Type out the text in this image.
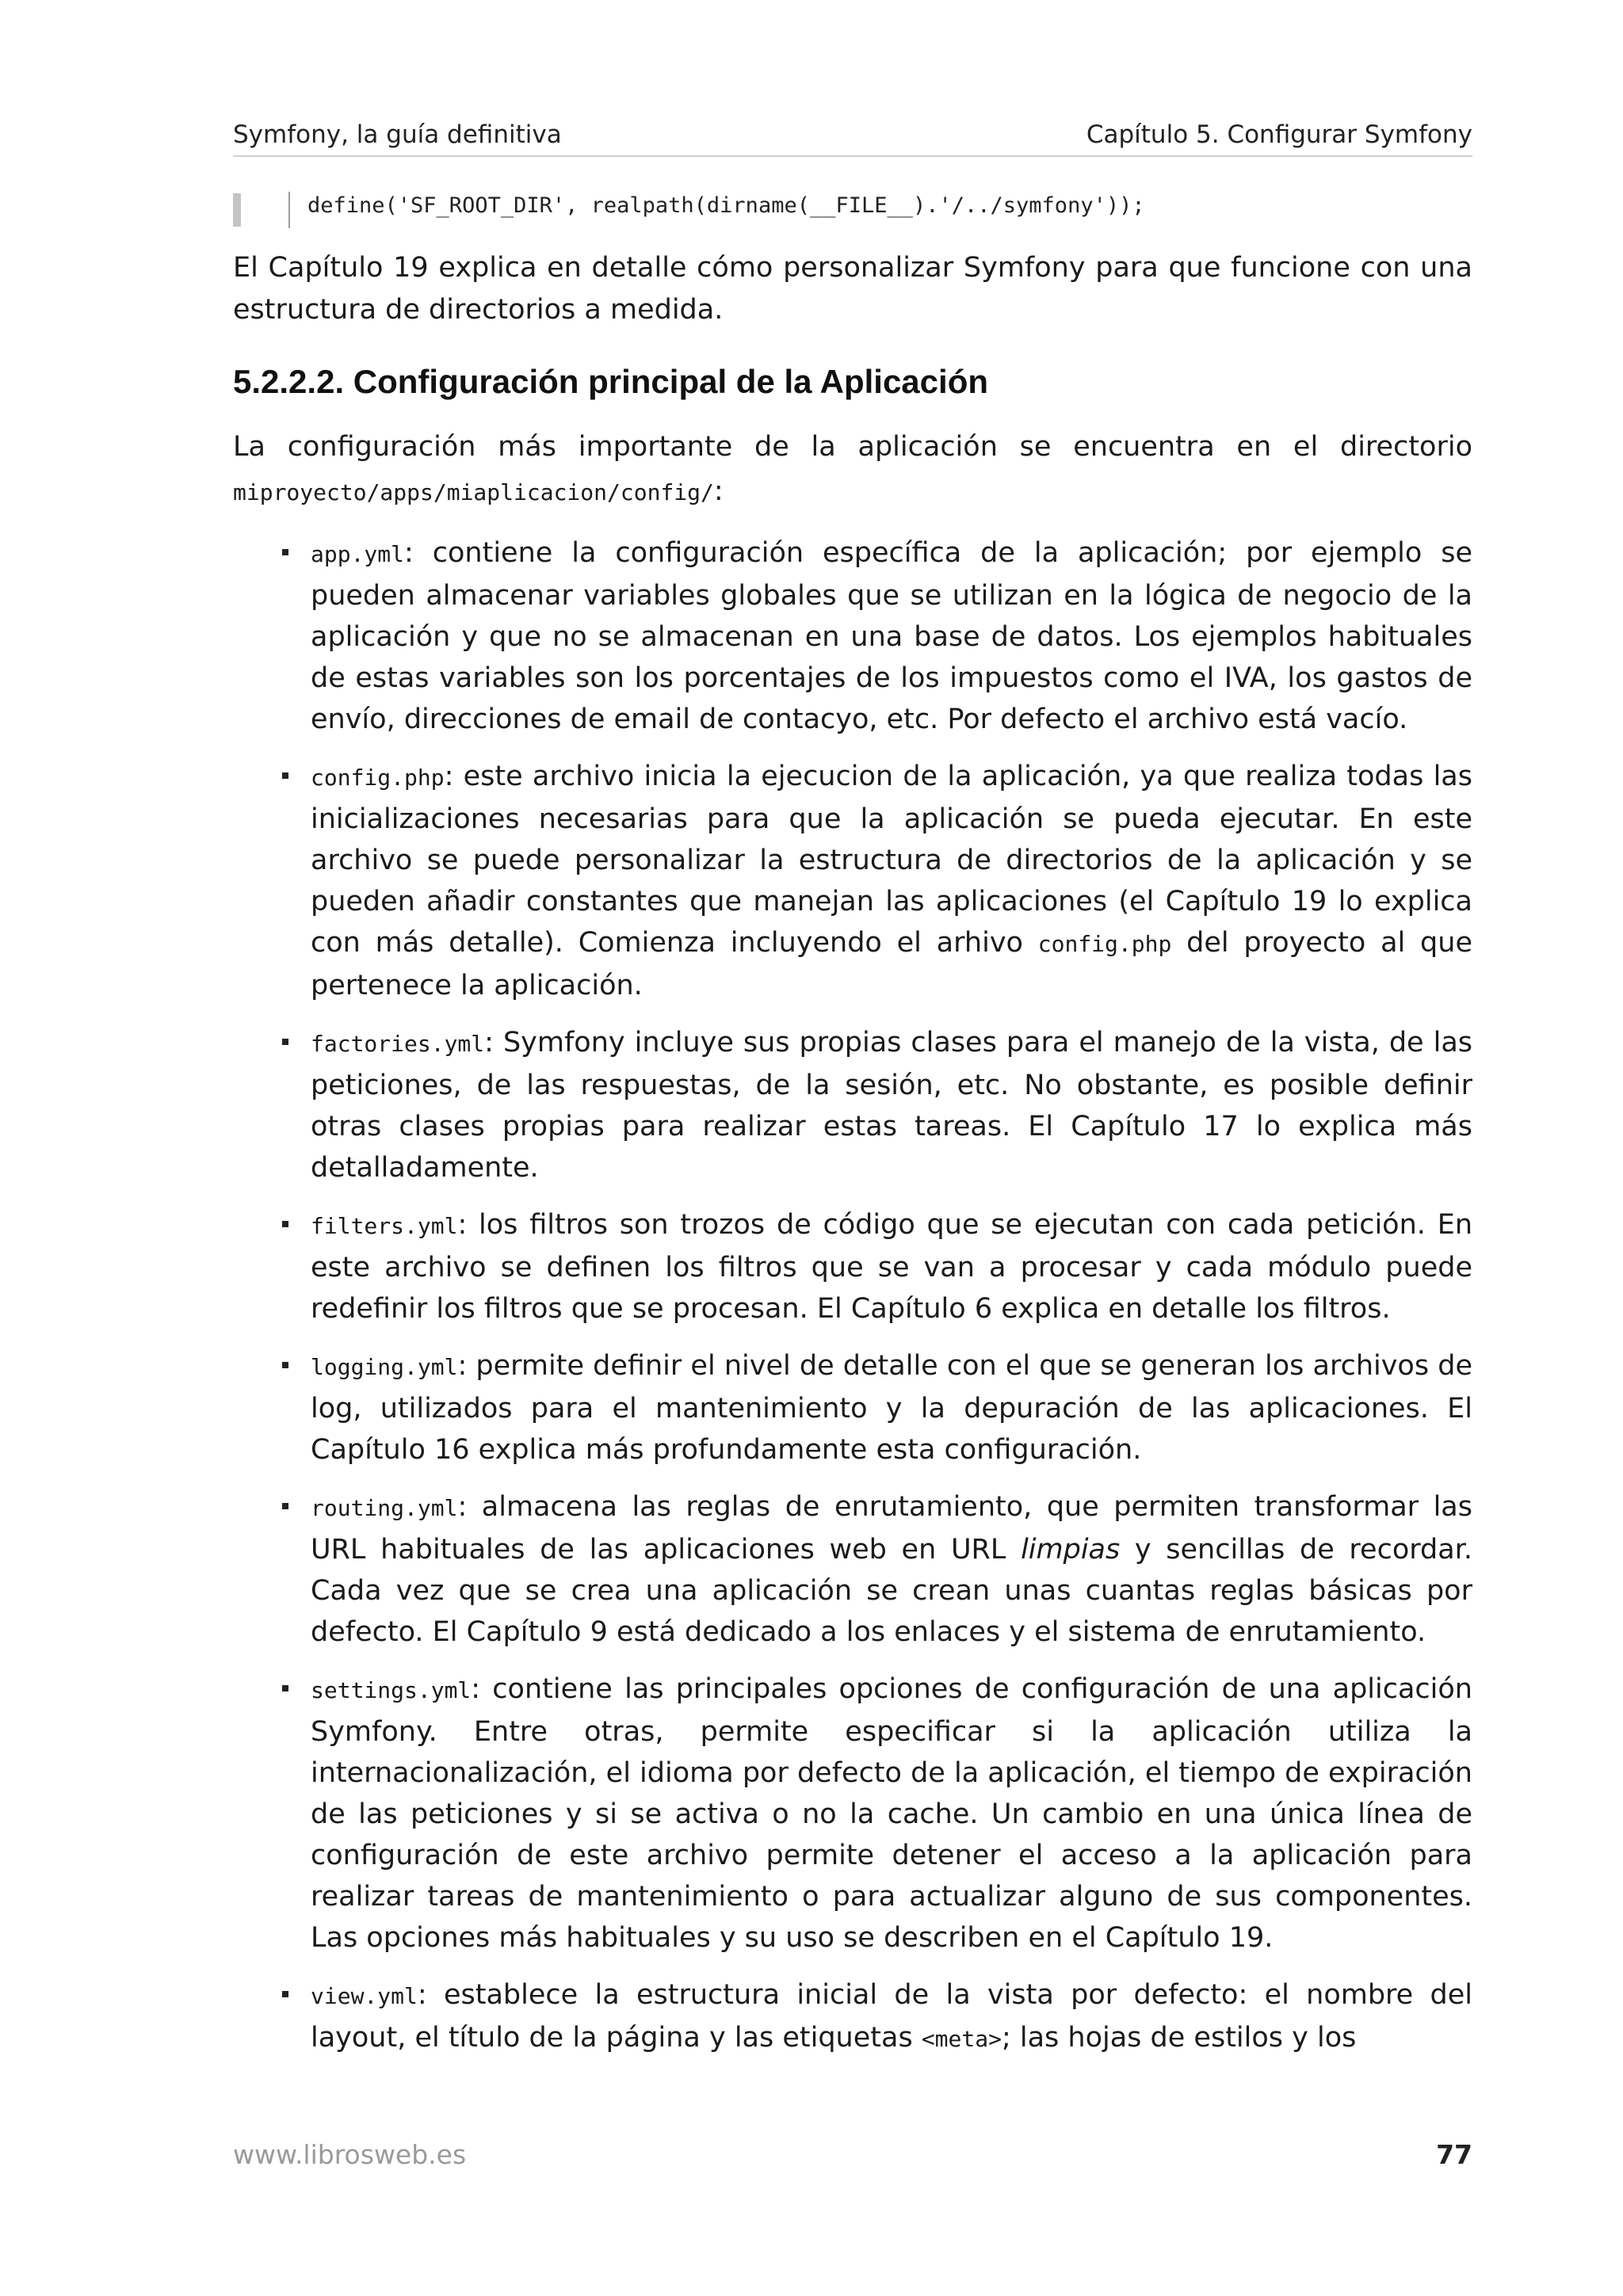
Symfony, la guía definitiva	Capítulo 5. Configurar Symfony
define('SF_ROOT_DIR', realpath(dirname(__FILE__).'/../symfony'));
El Capítulo 19 explica en detalle cómo personalizar Symfony para que funcione con una estructura de directorios a medida.
5.2.2.2. Configuración principal de la Aplicación
La configuración más importante de la aplicación se encuentra en el directorio miproyecto/apps/miaplicacion/config/:
app.yml: contiene la configuración específica de la aplicación; por ejemplo se pueden almacenar variables globales que se utilizan en la lógica de negocio de la aplicación y que no se almacenan en una base de datos. Los ejemplos habituales de estas variables son los porcentajes de los impuestos como el IVA, los gastos de envío, direcciones de email de contacyo, etc. Por defecto el archivo está vacío.
config.php: este archivo inicia la ejecucion de la aplicación, ya que realiza todas las inicializaciones necesarias para que la aplicación se pueda ejecutar. En este archivo se puede personalizar la estructura de directorios de la aplicación y se pueden añadir constantes que manejan las aplicaciones (el Capítulo 19 lo explica con más detalle). Comienza incluyendo el arhivo config.php del proyecto al que pertenece la aplicación.
factories.yml: Symfony incluye sus propias clases para el manejo de la vista, de las peticiones, de las respuestas, de la sesión, etc. No obstante, es posible definir otras clases propias para realizar estas tareas. El Capítulo 17 lo explica más detalladamente.
filters.yml: los filtros son trozos de código que se ejecutan con cada petición. En este archivo se definen los filtros que se van a procesar y cada módulo puede redefinir los filtros que se procesan. El Capítulo 6 explica en detalle los filtros.
logging.yml: permite definir el nivel de detalle con el que se generan los archivos de log, utilizados para el mantenimiento y la depuración de las aplicaciones. El Capítulo 16 explica más profundamente esta configuración.
routing.yml: almacena las reglas de enrutamiento, que permiten transformar las URL habituales de las aplicaciones web en URL limpias y sencillas de recordar. Cada vez que se crea una aplicación se crean unas cuantas reglas básicas por defecto. El Capítulo 9 está dedicado a los enlaces y el sistema de enrutamiento.
settings.yml: contiene las principales opciones de configuración de una aplicación Symfony. Entre otras, permite especificar si la aplicación utiliza la internacionalización, el idioma por defecto de la aplicación, el tiempo de expiración de las peticiones y si se activa o no la cache. Un cambio en una única línea de configuración de este archivo permite detener el acceso a la aplicación para realizar tareas de mantenimiento o para actualizar alguno de sus componentes. Las opciones más habituales y su uso se describen en el Capítulo 19.
view.yml: establece la estructura inicial de la vista por defecto: el nombre del layout, el título de la página y las etiquetas <meta>; las hojas de estilos y los
www.librosweb.es	77
